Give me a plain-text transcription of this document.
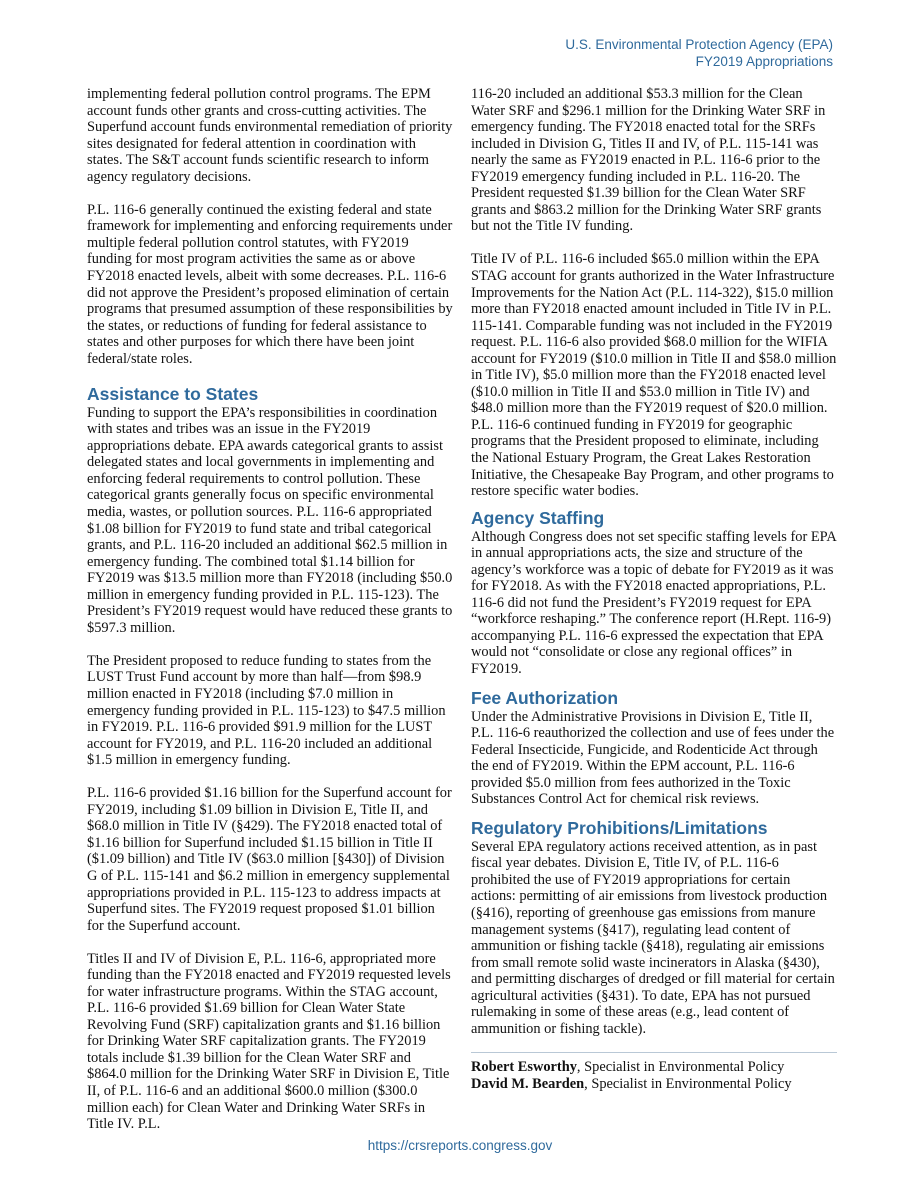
U.S. Environmental Protection Agency (EPA)
FY2019 Appropriations

implementing federal pollution control programs. The EPM account funds other grants and cross-cutting activities. The Superfund account funds environmental remediation of priority sites designated for federal attention in coordination with states. The S&T account funds scientific research to inform agency regulatory decisions.

P.L. 116-6 generally continued the existing federal and state framework for implementing and enforcing requirements under multiple federal pollution control statutes, with FY2019 funding for most program activities the same as or above FY2018 enacted levels, albeit with some decreases. P.L. 116-6 did not approve the President’s proposed elimination of certain programs that presumed assumption of these responsibilities by the states, or reductions of funding for federal assistance to states and other purposes for which there have been joint federal/state roles.

Assistance to States

Funding to support the EPA’s responsibilities in coordination with states and tribes was an issue in the FY2019 appropriations debate. EPA awards categorical grants to assist delegated states and local governments in implementing and enforcing federal requirements to control pollution. These categorical grants generally focus on specific environmental media, wastes, or pollution sources. P.L. 116-6 appropriated $1.08 billion for FY2019 to fund state and tribal categorical grants, and P.L. 116-20 included an additional $62.5 million in emergency funding. The combined total $1.14 billion for FY2019 was $13.5 million more than FY2018 (including $50.0 million in emergency funding provided in P.L. 115-123). The President’s FY2019 request would have reduced these grants to $597.3 million.

The President proposed to reduce funding to states from the LUST Trust Fund account by more than half—from $98.9 million enacted in FY2018 (including $7.0 million in emergency funding provided in P.L. 115-123) to $47.5 million in FY2019. P.L. 116-6 provided $91.9 million for the LUST account for FY2019, and P.L. 116-20 included an additional $1.5 million in emergency funding.

P.L. 116-6 provided $1.16 billion for the Superfund account for FY2019, including $1.09 billion in Division E, Title II, and $68.0 million in Title IV (§429). The FY2018 enacted total of $1.16 billion for Superfund included $1.15 billion in Title II ($1.09 billion) and Title IV ($63.0 million [§430]) of Division G of P.L. 115-141 and $6.2 million in emergency supplemental appropriations provided in P.L. 115-123 to address impacts at Superfund sites. The FY2019 request proposed $1.01 billion for the Superfund account.

Titles II and IV of Division E, P.L. 116-6, appropriated more funding than the FY2018 enacted and FY2019 requested levels for water infrastructure programs. Within the STAG account, P.L. 116-6 provided $1.69 billion for Clean Water State Revolving Fund (SRF) capitalization grants and $1.16 billion for Drinking Water SRF capitalization grants. The FY2019 totals include $1.39 billion for the Clean Water SRF and $864.0 million for the Drinking Water SRF in Division E, Title II, of P.L. 116-6 and an additional $600.0 million ($300.0 million each) for Clean Water and Drinking Water SRFs in Title IV. P.L.

116-20 included an additional $53.3 million for the Clean Water SRF and $296.1 million for the Drinking Water SRF in emergency funding. The FY2018 enacted total for the SRFs included in Division G, Titles II and IV, of P.L. 115-141 was nearly the same as FY2019 enacted in P.L. 116-6 prior to the FY2019 emergency funding included in P.L. 116-20. The President requested $1.39 billion for the Clean Water SRF grants and $863.2 million for the Drinking Water SRF grants but not the Title IV funding.

Title IV of P.L. 116-6 included $65.0 million within the EPA STAG account for grants authorized in the Water Infrastructure Improvements for the Nation Act (P.L. 114-322), $15.0 million more than FY2018 enacted amount included in Title IV in P.L. 115-141. Comparable funding was not included in the FY2019 request. P.L. 116-6 also provided $68.0 million for the WIFIA account for FY2019 ($10.0 million in Title II and $58.0 million in Title IV), $5.0 million more than the FY2018 enacted level ($10.0 million in Title II and $53.0 million in Title IV) and $48.0 million more than the FY2019 request of $20.0 million. P.L. 116-6 continued funding in FY2019 for geographic programs that the President proposed to eliminate, including the National Estuary Program, the Great Lakes Restoration Initiative, the Chesapeake Bay Program, and other programs to restore specific water bodies.

Agency Staffing

Although Congress does not set specific staffing levels for EPA in annual appropriations acts, the size and structure of the agency’s workforce was a topic of debate for FY2019 as it was for FY2018. As with the FY2018 enacted appropriations, P.L. 116-6 did not fund the President’s FY2019 request for EPA “workforce reshaping.” The conference report (H.Rept. 116-9) accompanying P.L. 116-6 expressed the expectation that EPA would not “consolidate or close any regional offices” in FY2019.

Fee Authorization

Under the Administrative Provisions in Division E, Title II, P.L. 116-6 reauthorized the collection and use of fees under the Federal Insecticide, Fungicide, and Rodenticide Act through the end of FY2019. Within the EPM account, P.L. 116-6 provided $5.0 million from fees authorized in the Toxic Substances Control Act for chemical risk reviews.

Regulatory Prohibitions/Limitations

Several EPA regulatory actions received attention, as in past fiscal year debates. Division E, Title IV, of P.L. 116-6 prohibited the use of FY2019 appropriations for certain actions: permitting of air emissions from livestock production (§416), reporting of greenhouse gas emissions from manure management systems (§417), regulating lead content of ammunition or fishing tackle (§418), regulating air emissions from small remote solid waste incinerators in Alaska (§430), and permitting discharges of dredged or fill material for certain agricultural activities (§431). To date, EPA has not pursued rulemaking in some of these areas (e.g., lead content of ammunition or fishing tackle).

Robert Esworthy, Specialist in Environmental Policy

David M. Bearden, Specialist in Environmental Policy

https://crsreports.congress.gov
